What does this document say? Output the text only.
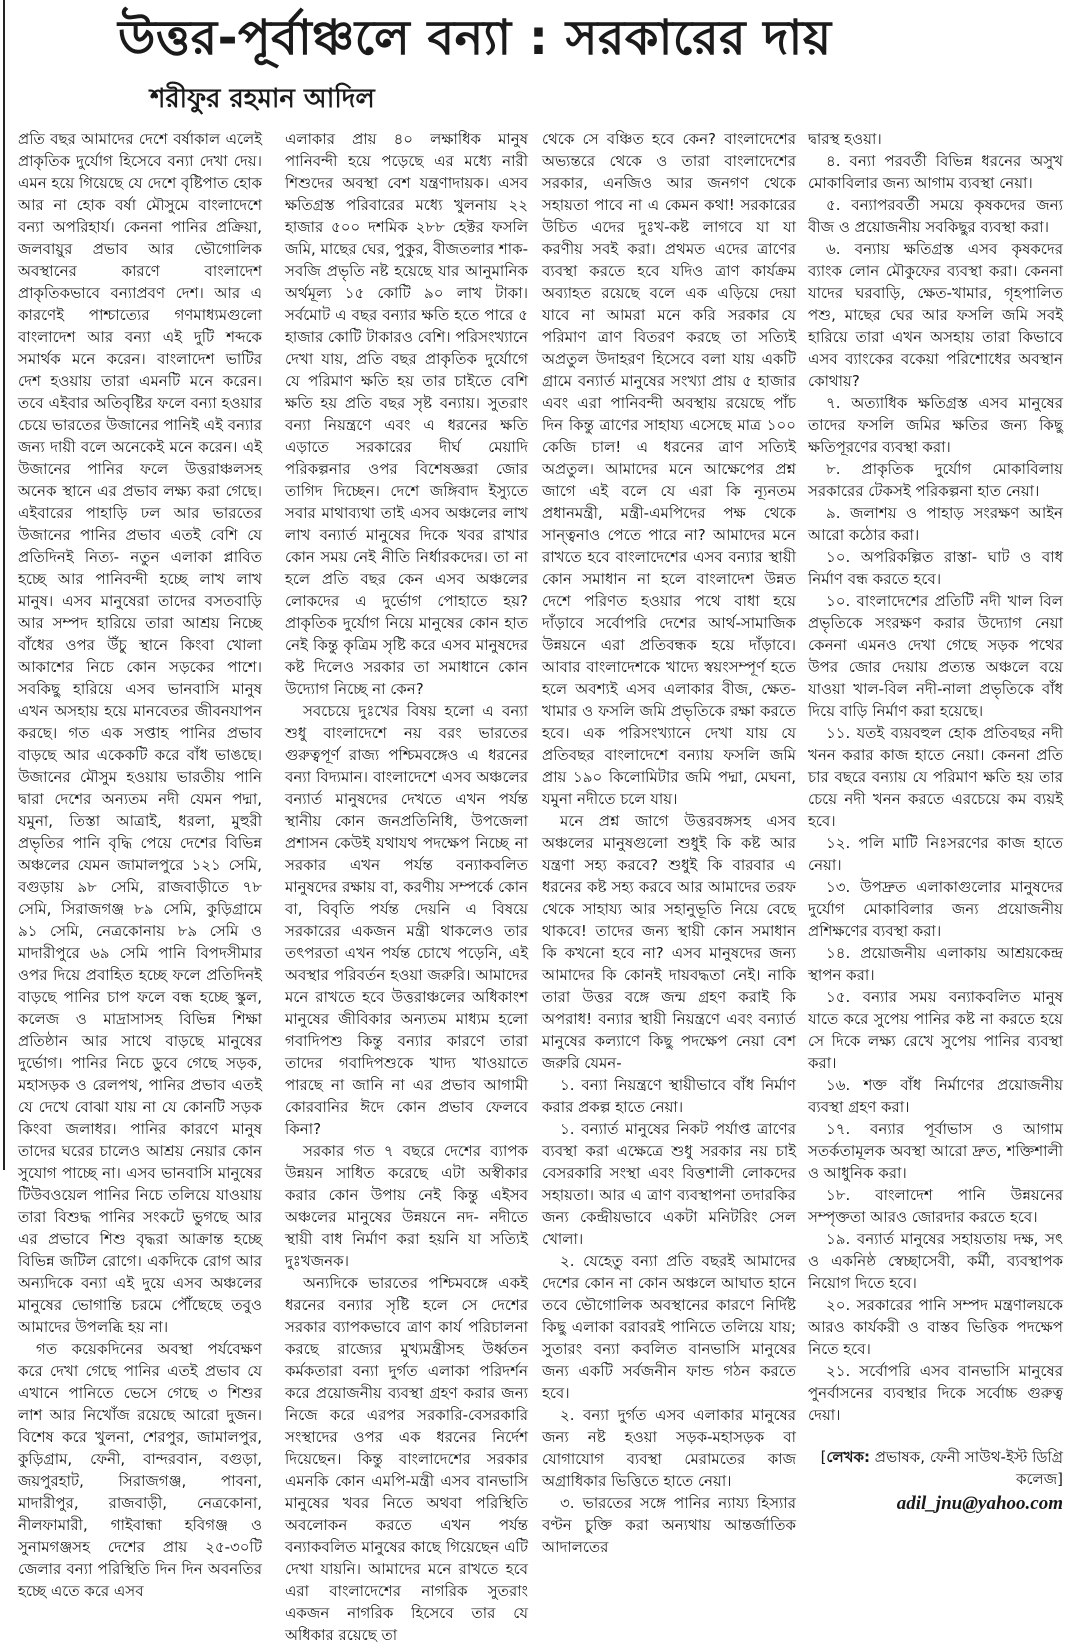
উত্তর-পূর্বাঞ্চলে বন্যা : সরকারের দায়
শরীফুর রহমান আদিল

প্রতি বছর আমাদের দেশে বর্ষাকাল এলেই প্রাকৃতিক দুর্যোগ হিসেবে বন্যা দেখা দেয়। এমন হয়ে গিয়েছে যে দেশে বৃষ্টিপাত হোক আর না হোক বর্ষা মৌসুমে বাংলাদেশে বন্যা অপরিহার্য। কেননা পানির প্রক্রিয়া, জলবায়ুর প্রভাব আর ভৌগোলিক অবস্থানের কারণে বাংলাদেশ প্রাকৃতিকভাবে বন্যাপ্রবণ দেশ। আর এ কারণেই পাশ্চাত্যের গণমাধ্যমগুলো বাংলাদেশ আর বন্যা এই দুটি শব্দকে সমার্থক মনে করেন। বাংলাদেশ ভাটির দেশ হওয়ায় তারা এমনটি মনে করেন। তবে এইবার অতিবৃষ্টির ফলে বন্যা হওয়ার চেয়ে ভারতের উজানের পানিই এই বন্যার জন্য দায়ী বলে অনেকেই মনে করেন। এই উজানের পানির ফলে উত্তরাঞ্চলসহ অনেক স্থানে এর প্রভাব লক্ষ্য করা গেছে। এইবারের পাহাড়ি ঢল আর ভারতের উজানের পানির প্রভাব এতই বেশি যে প্রতিদিনই নিত্য- নতুন এলাকা প্লাবিত হচ্ছে আর পানিবন্দী হচ্ছে লাখ লাখ মানুষ। এসব মানুষেরা তাদের বসতবাড়ি আর সম্পদ হারিয়ে তারা আশ্রয় নিচ্ছে বাঁধের ওপর উঁচু স্থানে কিংবা খোলা আকাশের নিচে কোন সড়কের পাশে। সবকিছু হারিয়ে এসব ভানবাসি মানুষ এখন অসহায় হয়ে মানবেতর জীবনযাপন করছে। গত এক সপ্তাহ পানির প্রভাব বাড়ছে আর একেকটি করে বাঁধ ভাঙছে। উজানের মৌসুম হওয়ায় ভারতীয় পানি দ্বারা দেশের অন্যতম নদী যেমন পদ্মা, যমুনা, তিস্তা আত্রাই, ধরলা, মুহুরী প্রভৃতির পানি বৃদ্ধি পেয়ে দেশের বিভিন্ন অঞ্চলের যেমন জামালপুরে ১২১ সেমি, বগুড়ায় ৯৮ সেমি, রাজবাড়ীতে ৭৮ সেমি, সিরাজগঞ্জ ৮৯ সেমি, কুড়িগ্রামে ৯১ সেমি, নেত্রকোনায় ৮৯ সেমি ও মাদারীপুরে ৬৯ সেমি পানি বিপদসীমার ওপর দিয়ে প্রবাহিত হচ্ছে ফলে প্রতিদিনই বাড়ছে পানির চাপ ফলে বন্ধ হচ্ছে স্কুল, কলেজ ও মাদ্রাসাসহ বিভিন্ন শিক্ষা প্রতিষ্ঠান আর সাথে বাড়ছে মানুষের দুর্ভোগ। পানির নিচে ডুবে গেছে সড়ক, মহাসড়ক ও রেলপথ, পানির প্রভাব এতই যে দেখে বোঝা যায় না যে কোনটি সড়ক কিংবা জলাধর। পানির কারণে মানুষ তাদের ঘরের চালেও আশ্রয় নেয়ার কোন সুযোগ পাচ্ছে না। এসব ভানবাসি মানুষের টিউবওয়েল পানির নিচে তলিয়ে যাওয়ায় তারা বিশুদ্ধ পানির সংকটে ভুগছে আর এর প্রভাবে শিশু বৃদ্ধরা আক্রান্ত হচ্ছে বিভিন্ন জটিল রোগে। একদিকে রোগ আর অন্যদিকে বন্যা এই দুয়ে এসব অঞ্চলের মানুষের ভোগান্তি চরমে পৌঁছেছে তবুও আমাদের উপলব্ধি হয় না।

গত কয়েকদিনের অবস্থা পর্যবেক্ষণ করে দেখা গেছে পানির এতই প্রভাব যে এখানে পানিতে ভেসে গেছে ৩ শিশুর লাশ আর নিখোঁজ রয়েছে আরো দুজন। বিশেষ করে খুলনা, শেরপুর, জামালপুর, কুড়িগ্রাম, ফেনী, বান্দরবান, বগুড়া, জয়পুরহাট, সিরাজগঞ্জ, পাবনা, মাদারীপুর, রাজবাড়ী, নেত্রকোনা, নীলফামারী, গাইবান্ধা হবিগঞ্জ ও সুনামগঞ্জসহ দেশের প্রায় ২৫-৩০টি জেলার বন্যা পরিস্থিতি দিন দিন অবনতির হচ্ছে এতে করে এসব

এলাকার প্রায় ৪০ লক্ষাধিক মানুষ পানিবন্দী হয়ে পড়েছে এর মধ্যে নারী শিশুদের অবস্থা বেশ যন্ত্রণাদায়ক। এসব ক্ষতিগ্রস্ত পরিবারের মধ্যে খুলনায় ২২ হাজার ৫০০ দশমিক ২৮৮ হেক্টর ফসলি জমি, মাছের ঘের, পুকুর, বীজতলার শাক-সবজি প্রভৃতি নষ্ট হয়েছে যার আনুমানিক অর্থমূল্য ১৫ কোটি ৯০ লাখ টাকা। সর্বমোট এ বছর বন্যার ক্ষতি হতে পারে ৫ হাজার কোটি টাকারও বেশি। পরিসংখ্যানে দেখা যায়, প্রতি বছর প্রাকৃতিক দুর্যোগে যে পরিমাণ ক্ষতি হয় তার চাইতে বেশি ক্ষতি হয় প্রতি বছর সৃষ্ট বন্যায়। সুতরাং বন্যা নিয়ন্ত্রণে এবং এ ধরনের ক্ষতি এড়াতে সরকারের দীর্ঘ মেয়াদি পরিকল্পনার ওপর বিশেষজ্ঞরা জোর তাগিদ দিচ্ছেন। দেশে জঙ্গিবাদ ইস্যুতে সবার মাথাব্যথা তাই এসব অঞ্চলের লাখ লাখ বন্যার্ত মানুষের দিকে খবর রাখার কোন সময় নেই নীতি নির্ধারকদের। তা না হলে প্রতি বছর কেন এসব অঞ্চলের লোকদের এ দুর্ভোগ পোহাতে হয়? প্রাকৃতিক দুর্যোগ নিয়ে মানুষের কোন হাত নেই কিন্তু কৃত্রিম সৃষ্টি করে এসব মানুষদের কষ্ট দিলেও সরকার তা সমাধানে কোন উদ্যোগ নিচ্ছে না কেন?

সবচেয়ে দুঃখের বিষয় হলো এ বন্যা শুধু বাংলাদেশে নয় বরং ভারতের গুরুত্বপূর্ণ রাজ্য পশ্চিমবঙ্গেও এ ধরনের বন্যা বিদ্যমান। বাংলাদেশে এসব অঞ্চলের বন্যার্ত মানুষদের দেখতে এখন পর্যন্ত স্থানীয় কোন জনপ্রতিনিধি, উপজেলা প্রশাসন কেউই যথাযথ পদক্ষেপ নিচ্ছে না সরকার এখন পর্যন্ত বন্যাকবলিত মানুষদের রক্ষায় বা, করণীয় সম্পর্কে কোন বা, বিবৃতি পর্যন্ত দেয়নি এ বিষয়ে সরকারের একজন মন্ত্রী থাকলেও তার তৎপরতা এখন পর্যন্ত চোখে পড়েনি, এই অবস্থার পরিবর্তন হওয়া জরুরি। আমাদের মনে রাখতে হবে উত্তরাঞ্চলের অধিকাংশ মানুষের জীবিকার অন্যতম মাধ্যম হলো গবাদিপশু কিন্তু বন্যার কারণে তারা তাদের গবাদিপশুকে খাদ্য খাওয়াতে পারছে না জানি না এর প্রভাব আগামী কোরবানির ঈদে কোন প্রভাব ফেলবে কিনা?

সরকার গত ৭ বছরে দেশের ব্যাপক উন্নয়ন সাধিত করেছে এটা অস্বীকার করার কোন উপায় নেই কিন্তু এইসব অঞ্চলের মানুষের উন্নয়নে নদ- নদীতে স্থায়ী বাধ নির্মাণ করা হয়নি যা সত্যিই দুঃখজনক।

অন্যদিকে ভারতের পশ্চিমবঙ্গে একই ধরনের বন্যার সৃষ্টি হলে সে দেশের সরকার ব্যাপকভাবে ত্রাণ কার্য পরিচালনা করছে রাজ্যের মুখ্যমন্ত্রীসহ উর্ধ্বতন কর্মকতারা বন্যা দুর্গত এলাকা পরিদর্শন করে প্রয়োজনীয় ব্যবস্থা গ্রহণ করার জন্য নিজে করে এরপর সরকারি-বেসরকারি সংস্থাদের ওপর এক ধরনের নির্দেশ দিয়েছেন। কিন্তু বাংলাদেশের সরকার এমনকি কোন এমপি-মন্ত্রী এসব বানভাসি মানুষের খবর নিতে অথবা পরিস্থিতি অবলোকন করতে এখন পর্যন্ত বন্যাকবলিত মানুষের কাছে গিয়েছেন এটি দেখা যায়নি। আমাদের মনে রাখতে হবে এরা বাংলাদেশের নাগরিক সুতরাং একজন নাগরিক হিসেবে তার যে অধিকার রয়েছে তা

থেকে সে বঞ্চিত হবে কেন? বাংলাদেশের অভ্যন্তরে থেকে ও তারা বাংলাদেশের সরকার, এনজিও আর জনগণ থেকে সহায়তা পাবে না এ কেমন কথা! সরকারের উচিত এদের দুঃখ-কষ্ট লাগবে যা যা করণীয় সবই করা। প্রথমত এদের ত্রাণের ব্যবস্থা করতে হবে যদিও ত্রাণ কার্যক্রম অব্যাহত রয়েছে বলে এক এড়িয়ে দেয়া যাবে না আমরা মনে করি সরকার যে পরিমাণ ত্রাণ বিতরণ করছে তা সত্যিই অপ্রতুল উদাহরণ হিসেবে বলা যায় একটি গ্রামে বন্যার্ত মানুষের সংখ্যা প্রায় ৫ হাজার এবং এরা পানিবন্দী অবস্থায় রয়েছে পাঁচ দিন কিন্তু ত্রাণের সাহায্য এসেছে মাত্র ১০০ কেজি চাল! এ ধরনের ত্রাণ সত্যিই অপ্রতুল। আমাদের মনে আক্ষেপের প্রশ্ন জাগে এই বলে যে এরা কি ন্যূনতম প্রধানমন্ত্রী, মন্ত্রী-এমপিদের পক্ষ থেকে সান্ত্বনাও পেতে পারে না? আমাদের মনে রাখতে হবে বাংলাদেশের এসব বন্যার স্থায়ী কোন সমাধান না হলে বাংলাদেশ উন্নত দেশে পরিণত হওয়ার পথে বাধা হয়ে দাঁড়াবে সর্বোপরি দেশের আর্থ-সামাজিক উন্নয়নে এরা প্রতিবন্ধক হয়ে দাঁড়াবে। আবার বাংলাদেশকে খাদ্যে স্বয়ংসম্পূর্ণ হতে হলে অবশ্যই এসব এলাকার বীজ, ক্ষেত-খামার ও ফসলি জমি প্রভৃতিকে রক্ষা করতে হবে। এক পরিসংখ্যানে দেখা যায় যে প্রতিবছর বাংলাদেশে বন্যায় ফসলি জমি প্রায় ১৯০ কিলোমিটার জমি পদ্মা, মেঘনা, যমুনা নদীতে চলে যায়।

মনে প্রশ্ন জাগে উত্তরবঙ্গসহ এসব অঞ্চলের মানুষগুলো শুধুই কি কষ্ট আর যন্ত্রণা সহ্য করবে? শুধুই কি বারবার এ ধরনের কষ্ট সহ্য করবে আর আমাদের তরফ থেকে সাহায্য আর সহানুভূতি নিয়ে বেছে থাকবে! তাদের জন্য স্থায়ী কোন সমাধান কি কখনো হবে না? এসব মানুষদের জন্য আমাদের কি কোনই দায়বদ্ধতা নেই। নাকি তারা উত্তর বঙ্গে জন্ম গ্রহণ করাই কি অপরাধ! বন্যার স্থায়ী নিয়ন্ত্রণে এবং বন্যার্ত মানুষের কল্যাণে কিছু পদক্ষেপ নেয়া বেশ জরুরি যেমন-

১. বন্যা নিয়ন্ত্রণে স্থায়ীভাবে বাঁধ নির্মাণ করার প্রকল্প হাতে নেয়া।

১. বন্যার্ত মানুষের নিকট পর্যাপ্ত ত্রাণের ব্যবস্থা করা এক্ষেত্রে শুধু সরকার নয় চাই বেসরকারি সংস্থা এবং বিত্তশালী লোকদের সহায়তা। আর এ ত্রাণ ব্যবস্থাপনা তদারকির জন্য কেন্দ্রীয়ভাবে একটা মনিটরিং সেল খোলা।

২. যেহেতু বন্যা প্রতি বছরই আমাদের দেশের কোন না কোন অঞ্চলে আঘাত হানে তবে ভৌগোলিক অবস্থানের কারণে নির্দিষ্ট কিছু এলাকা বরাবরই পানিতে তলিয়ে যায়; সুতারং বন্যা কবলিত বানভাসি মানুষের জন্য একটি সর্বজনীন ফান্ড গঠন করতে হবে।

২. বন্যা দুর্গত এসব এলাকার মানুষের জন্য নষ্ট হওয়া সড়ক-মহাসড়ক বা যোগাযোগ ব্যবস্থা মেরামতের কাজ অগ্রাধিকার ভিত্তিতে হাতে নেয়া।

৩. ভারতের সঙ্গে পানির ন্যায্য হিস্যার বণ্টন চুক্তি করা অন্যথায় আন্তর্জাতিক আদালতের

দ্বারস্থ হওয়া।

৪. বন্যা পরবর্তী বিভিন্ন ধরনের অসুখ মোকাবিলার জন্য আগাম ব্যবস্থা নেয়া।

৫. বন্যাপরবর্তী সময়ে কৃষকদের জন্য বীজ ও প্রয়োজনীয় সবকিছুর ব্যবস্থা করা।

৬. বন্যায় ক্ষতিগ্রস্ত এসব কৃষকদের ব্যাংক লোন মৌকুফের ব্যবস্থা করা। কেননা যাদের ঘরবাড়ি, ক্ষেত-খামার, গৃহপালিত পশু, মাছের ঘের আর ফসলি জমি সবই হারিয়ে তারা এখন অসহায় তারা কিভাবে এসব ব্যাংকের বকেয়া পরিশোধের অবস্থান কোথায়?

৭. অত্যাধিক ক্ষতিগ্রস্ত এসব মানুষের তাদের ফসলি জমির ক্ষতির জন্য কিছু ক্ষতিপূরণের ব্যবস্থা করা।

৮. প্রাকৃতিক দুর্যোগ মোকাবিলায় সরকারের টেকসই পরিকল্পনা হাত নেয়া।

৯. জলাশয় ও পাহাড় সংরক্ষণ আইন আরো কঠোর করা।

১০. অপরিকল্পিত রাস্তা- ঘাট ও বাধ নির্মাণ বন্ধ করতে হবে।

১০. বাংলাদেশের প্রতিটি নদী খাল বিল প্রভৃতিকে সংরক্ষণ করার উদ্যোগ নেয়া কেননা এমনও দেখা গেছে সড়ক পথের উপর জোর দেয়ায় প্রত্যন্ত অঞ্চলে বয়ে যাওয়া খাল-বিল নদী-নালা প্রভৃতিকে বাঁধ দিয়ে বাড়ি নির্মাণ করা হয়েছে।

১১. যতই ব্যয়বহুল হোক প্রতিবছর নদী খনন করার কাজ হাতে নেয়া। কেননা প্রতি চার বছরে বন্যায় যে পরিমাণ ক্ষতি হয় তার চেয়ে নদী খনন করতে এরচেয়ে কম ব্যয়ই হবে।

১২. পলি মাটি নিঃসরণের কাজ হাতে নেয়া।

১৩. উপদ্রুত এলাকাগুলোর মানুষদের দুর্যোগ মোকাবিলার জন্য প্রয়োজনীয় প্রশিক্ষণের ব্যবস্থা করা।

১৪. প্রয়োজনীয় এলাকায় আশ্রয়কেন্দ্র স্থাপন করা।

১৫. বন্যার সময় বন্যাকবলিত মানুষ যাতে করে সুপেয় পানির কষ্ট না করতে হয়ে সে দিকে লক্ষ্য রেখে সুপেয় পানির ব্যবস্থা করা।

১৬. শক্ত বাঁধ নির্মাণের প্রয়োজনীয় ব্যবস্থা গ্রহণ করা।

১৭. বন্যার পূর্বাভাস ও আগাম সতর্কতামূলক অবস্থা আরো দ্রুত, শক্তিশালী ও আধুনিক করা।

১৮. বাংলাদেশ পানি উন্নয়নের সম্পৃক্ততা আরও জোরদার করতে হবে।

১৯. বন্যার্ত মানুষের সহায়তায় দক্ষ, সৎ ও একনিষ্ঠ স্বেচ্ছাসেবী, কর্মী, ব্যবস্থাপক নিয়োগ দিতে হবে।

২০. সরকারের পানি সম্পদ মন্ত্রণালয়কে আরও কার্যকরী ও বাস্তব ভিত্তিক পদক্ষেপ নিতে হবে।

২১. সর্বোপরি এসব বানভাসি মানুষের পুনর্বাসনের ব্যবস্থার দিকে সর্বোচ্চ গুরুত্ব দেয়া।

[লেখক: প্রভাষক, ফেনী সাউথ-ইস্ট ডিগ্রি কলেজ]
adil_jnu@yahoo.com
